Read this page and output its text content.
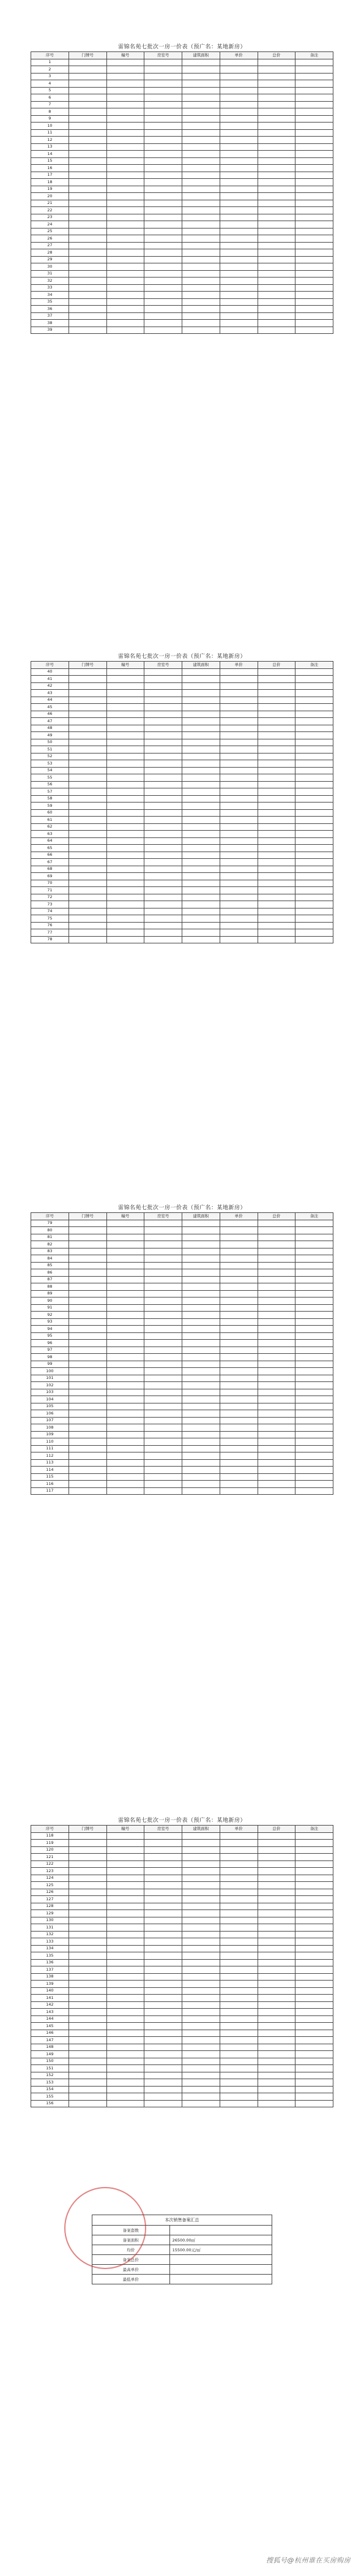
雷锦名苑七批次一房一价表（预广名：某地新房）
序号	门牌号	幢号	房室号	建筑面积	单价	总价	备注
1							
2							
3							
4							
5							
6							
7							
8							
9							
10							
11							
12							
13							
14							
15							
16							
17							
18							
19							
20							
21							
22							
23							
24							
25							
26							
27							
28							
29							
30							
31							
32							
33							
34							
35							
36							
37							
38							
39							
雷锦名苑七批次一房一价表（预广名：某地新房）
序号	门牌号	幢号	房室号	建筑面积	单价	总价	备注
40							
41							
42							
43							
44							
45							
46							
47							
48							
49							
50							
51							
52							
53							
54							
55							
56							
57							
58							
59							
60							
61							
62							
63							
64							
65							
66							
67							
68							
69							
70							
71							
72							
73							
74							
75							
76							
77							
78							
雷锦名苑七批次一房一价表（预广名：某地新房）
序号	门牌号	幢号	房室号	建筑面积	单价	总价	备注
79							
80							
81							
82							
83							
84							
85							
86							
87							
88							
89							
90							
91							
92							
93							
94							
95							
96							
97							
98							
99							
100							
101							
102							
103							
104							
105							
106							
107							
108							
109							
110							
111							
112							
113							
114							
115							
116							
117							
雷锦名苑七批次一房一价表（预广名：某地新房）
序号	门牌号	幢号	房室号	建筑面积	单价	总价	备注
118							
119							
120							
121							
122							
123							
124							
125							
126							
127							
128							
129							
130							
131							
132							
133							
134							
135							
136							
137							
138							
139							
140							
141							
142							
143							
144							
145							
146							
147							
148							
149							
150							
151							
152							
153							
154							
155							
156							
本次销售备案汇总
备案套数	
备案面积	26500.00㎡
均价	15500.00元/㎡
备案总价	
最高单价	
最低单价	
搜狐号@杭州谁在买房购房
